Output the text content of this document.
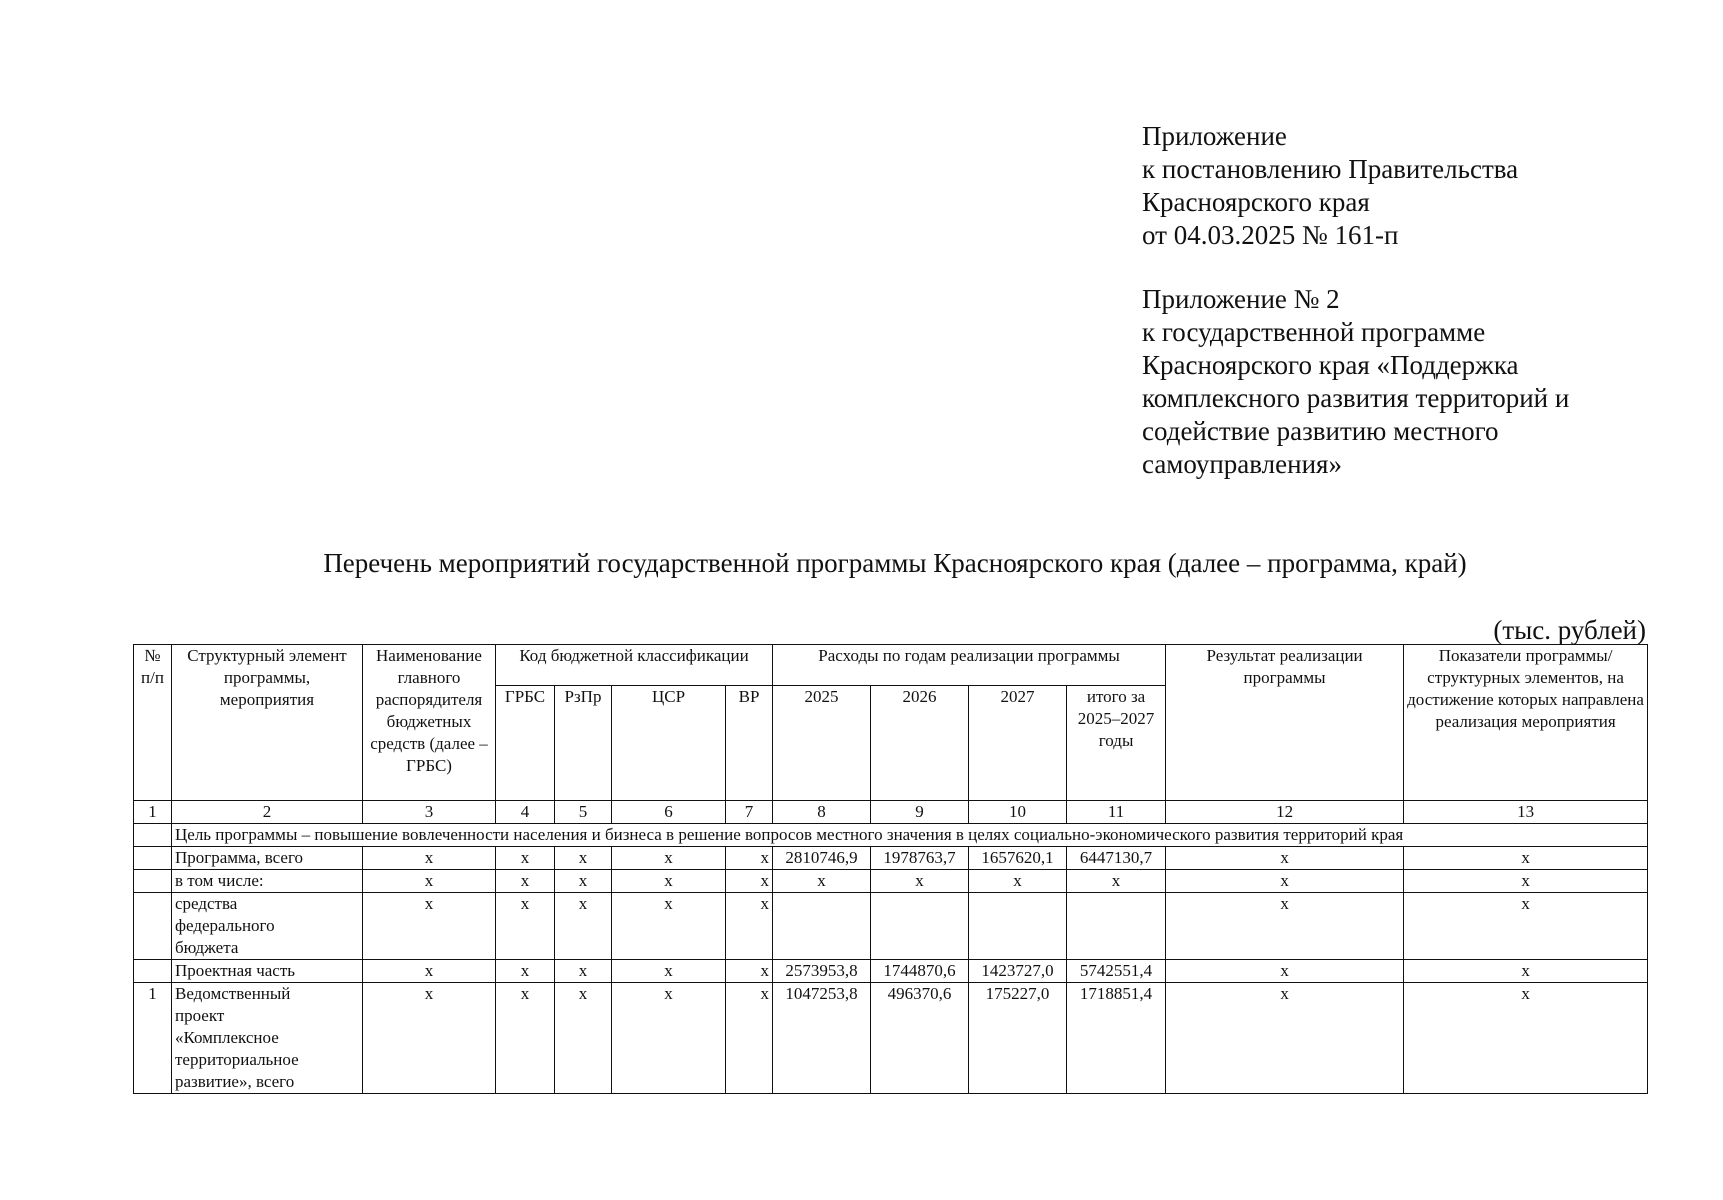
Приложение

к постановлению Правительства

Красноярского края

от 04.03.2025 № 161-п

Приложение № 2

к государственной программе

Красноярского края «Поддержка

комплексного развития территорий и

содействие развитию местного

самоуправления»

Перечень мероприятий государственной программы Красноярского края (далее – программа, край)
(тыс. рублей)
№ п/п	Структурный элемент программы, мероприятия	Наименование главного распорядителя бюджетных средств (далее – ГРБС)	Код бюджетной классификации				Расходы по годам реализации программы				Результат реализации программы	Показатели программы/ структурных элементов, на достижение которых направлена реализация мероприятия
			ГРБС	РзПр	ЦСР	ВР	2025	2026	2027	итого за 2025–2027 годы		
1	2	3	4	5	6	7	8	9	10	11	12	13
	Цель программы – повышение вовлеченности населения и бизнеса в решение вопросов местного значения в целях социально-экономического развития территорий края											
	Программа, всего	х	х	х	х	х	2810746,9	1978763,7	1657620,1	6447130,7	х	х
	в том числе:	х	х	х	х	х	х	х	х	х	х	х
	средства федерального бюджета	х	х	х	х	х					х	х
	Проектная часть	х	х	х	х	х	2573953,8	1744870,6	1423727,0	5742551,4	х	х
1	Ведомственный проект «Комплексное территориальное развитие», всего	х	х	х	х	х	1047253,8	496370,6	175227,0	1718851,4	х	х
